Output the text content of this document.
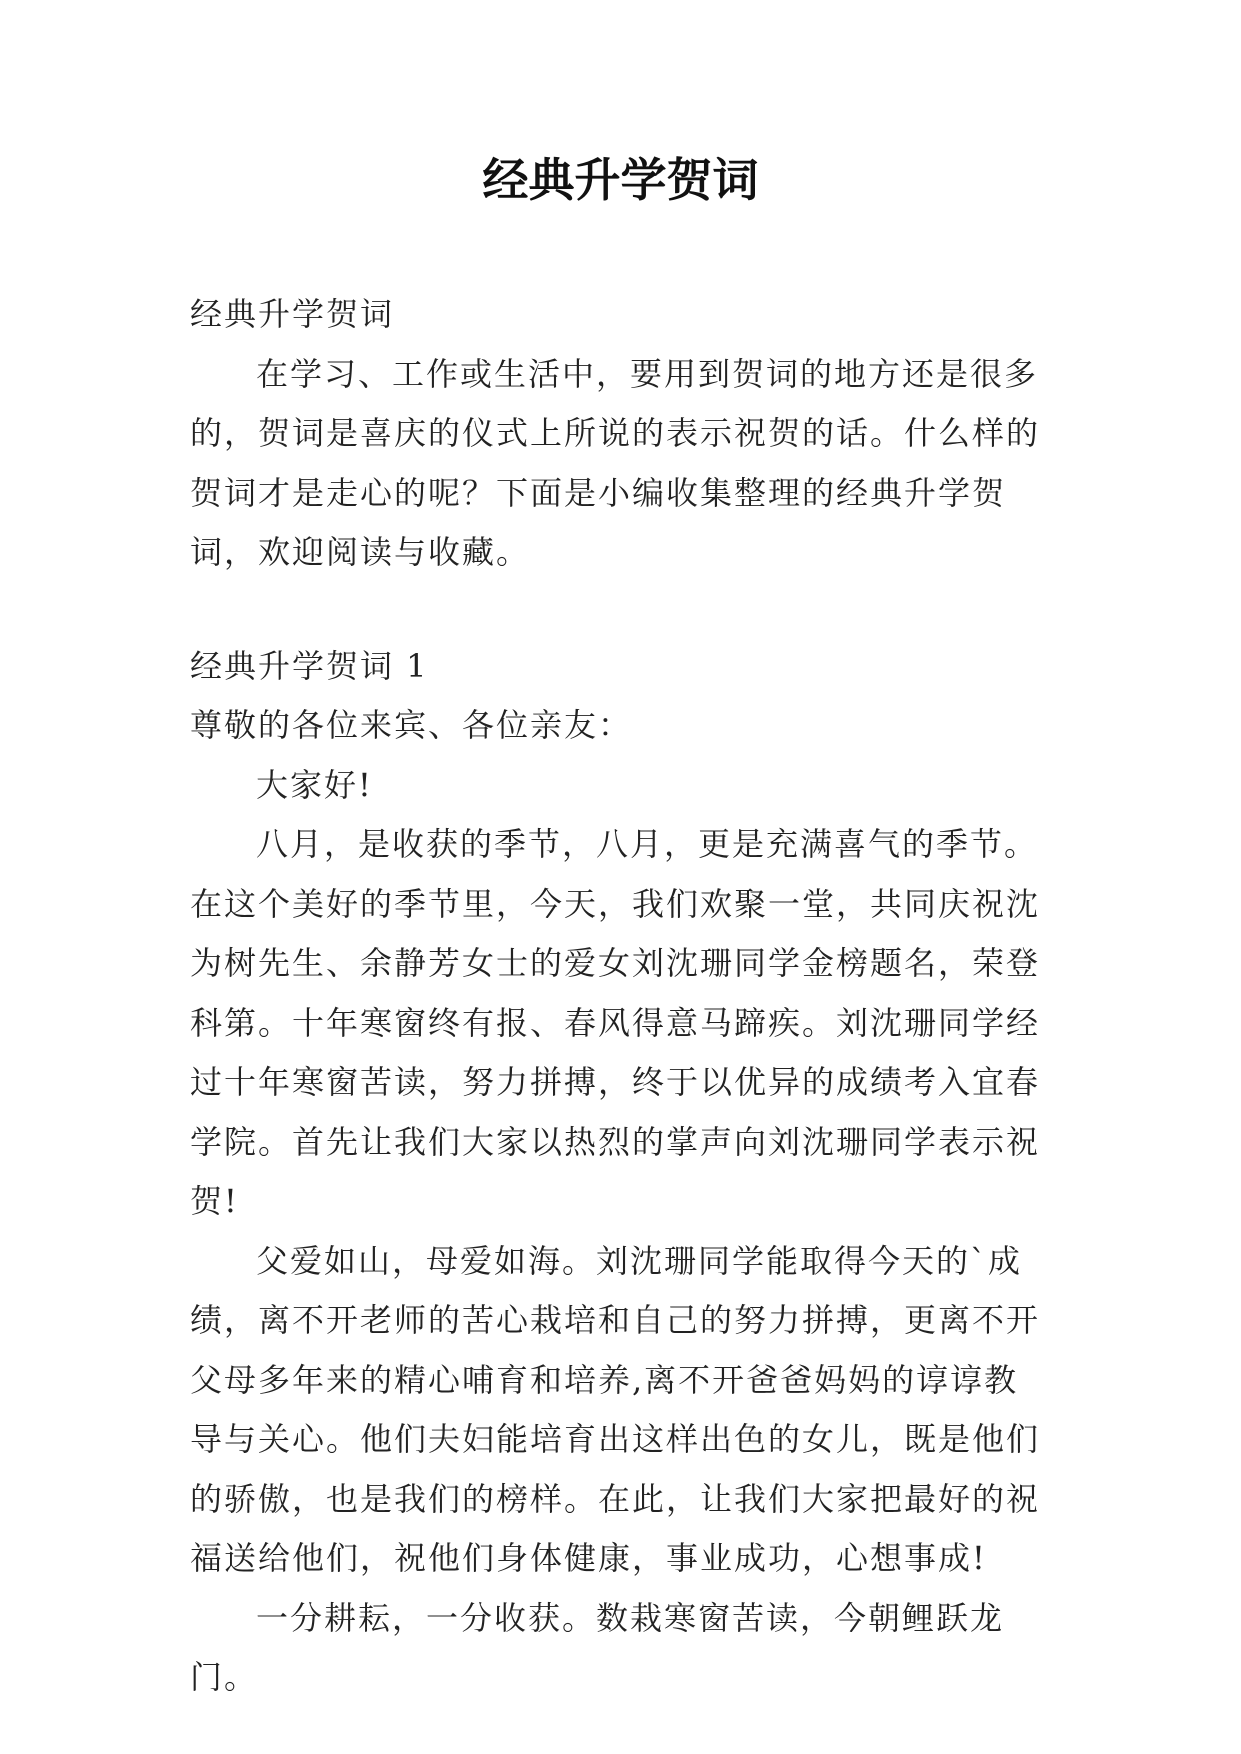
经典升学贺词

经典升学贺词

在学习、工作或生活中，要用到贺词的地方还是很多的，贺词是喜庆的仪式上所说的表示祝贺的话。什么样的贺词才是走心的呢？下面是小编收集整理的经典升学贺词，欢迎阅读与收藏。

经典升学贺词 1

尊敬的各位来宾、各位亲友：

大家好!

八月，是收获的季节，八月，更是充满喜气的季节。在这个美好的季节里，今天，我们欢聚一堂，共同庆祝沈为树先生、余静芳女士的爱女刘沈珊同学金榜题名，荣登科第。十年寒窗终有报、春风得意马蹄疾。刘沈珊同学经过十年寒窗苦读，努力拼搏，终于以优异的成绩考入宜春学院。首先让我们大家以热烈的掌声向刘沈珊同学表示祝贺!

父爱如山，母爱如海。刘沈珊同学能取得今天的`成绩，离不开老师的苦心栽培和自己的努力拼搏，更离不开父母多年来的精心哺育和培养,离不开爸爸妈妈的谆谆教导与关心。他们夫妇能培育出这样出色的女儿，既是他们的骄傲，也是我们的榜样。在此，让我们大家把最好的祝福送给他们，祝他们身体健康，事业成功，心想事成!

一分耕耘，一分收获。数栽寒窗苦读，今朝鲤跃龙门。
